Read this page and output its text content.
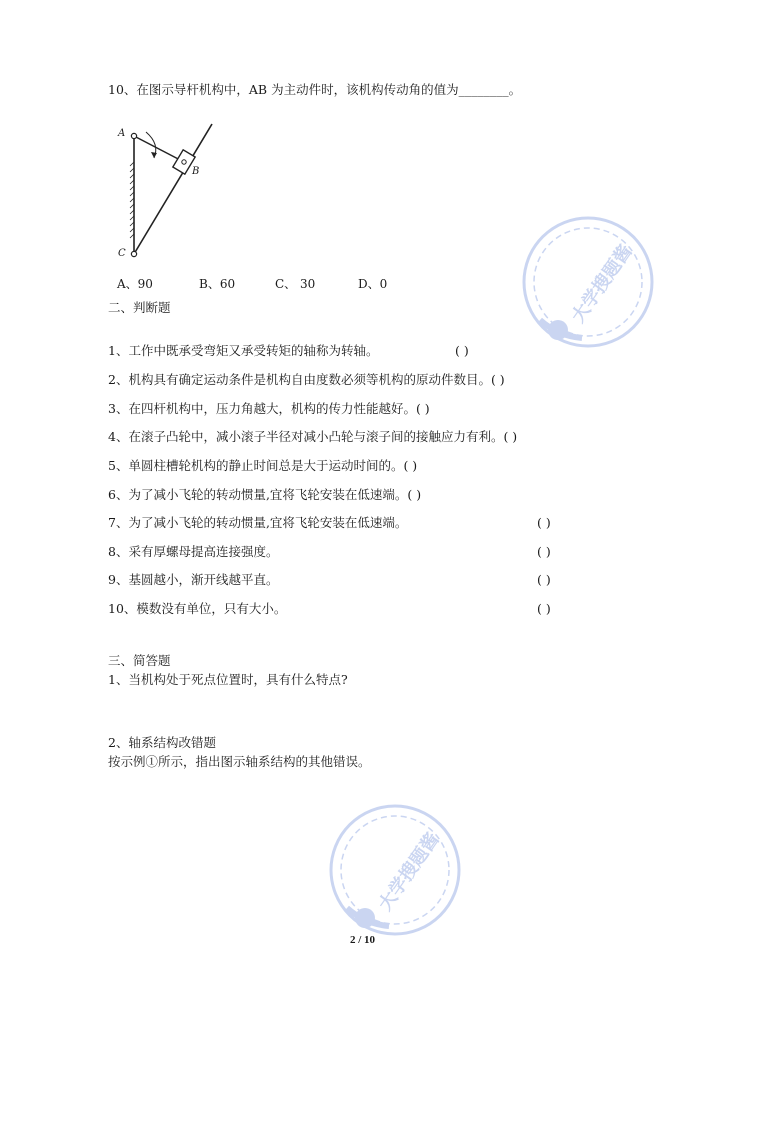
10、在图示导杆机构中，AB 为主动件时，该机构传动角的值为________。
A
B
C
A、90	B、60	C、 30	D、0
二、判断题
1、工作中既承受弯矩又承受转矩的轴称为转轴。	( )
2、机构具有确定运动条件是机构自由度数必须等机构的原动件数目。( )
3、在四杆机构中，压力角越大，机构的传力性能越好。( )
4、在滚子凸轮中，减小滚子半径对减小凸轮与滚子间的接触应力有利。( )
5、单圆柱槽轮机构的静止时间总是大于运动时间的。( )
6、为了减小飞轮的转动惯量,宜将飞轮安装在低速端。( )
7、为了减小飞轮的转动惯量,宜将飞轮安装在低速端。	( )
8、采有厚螺母提高连接强度。	( )
9、基圆越小，渐开线越平直。	( )
10、模数没有单位，只有大小。	( )
三、简答题
1、当机构处于死点位置时，具有什么特点?
2、轴系结构改错题
按示例①所示，指出图示轴系结构的其他错误。
大学搜题酱
大学搜题酱
2 / 10
